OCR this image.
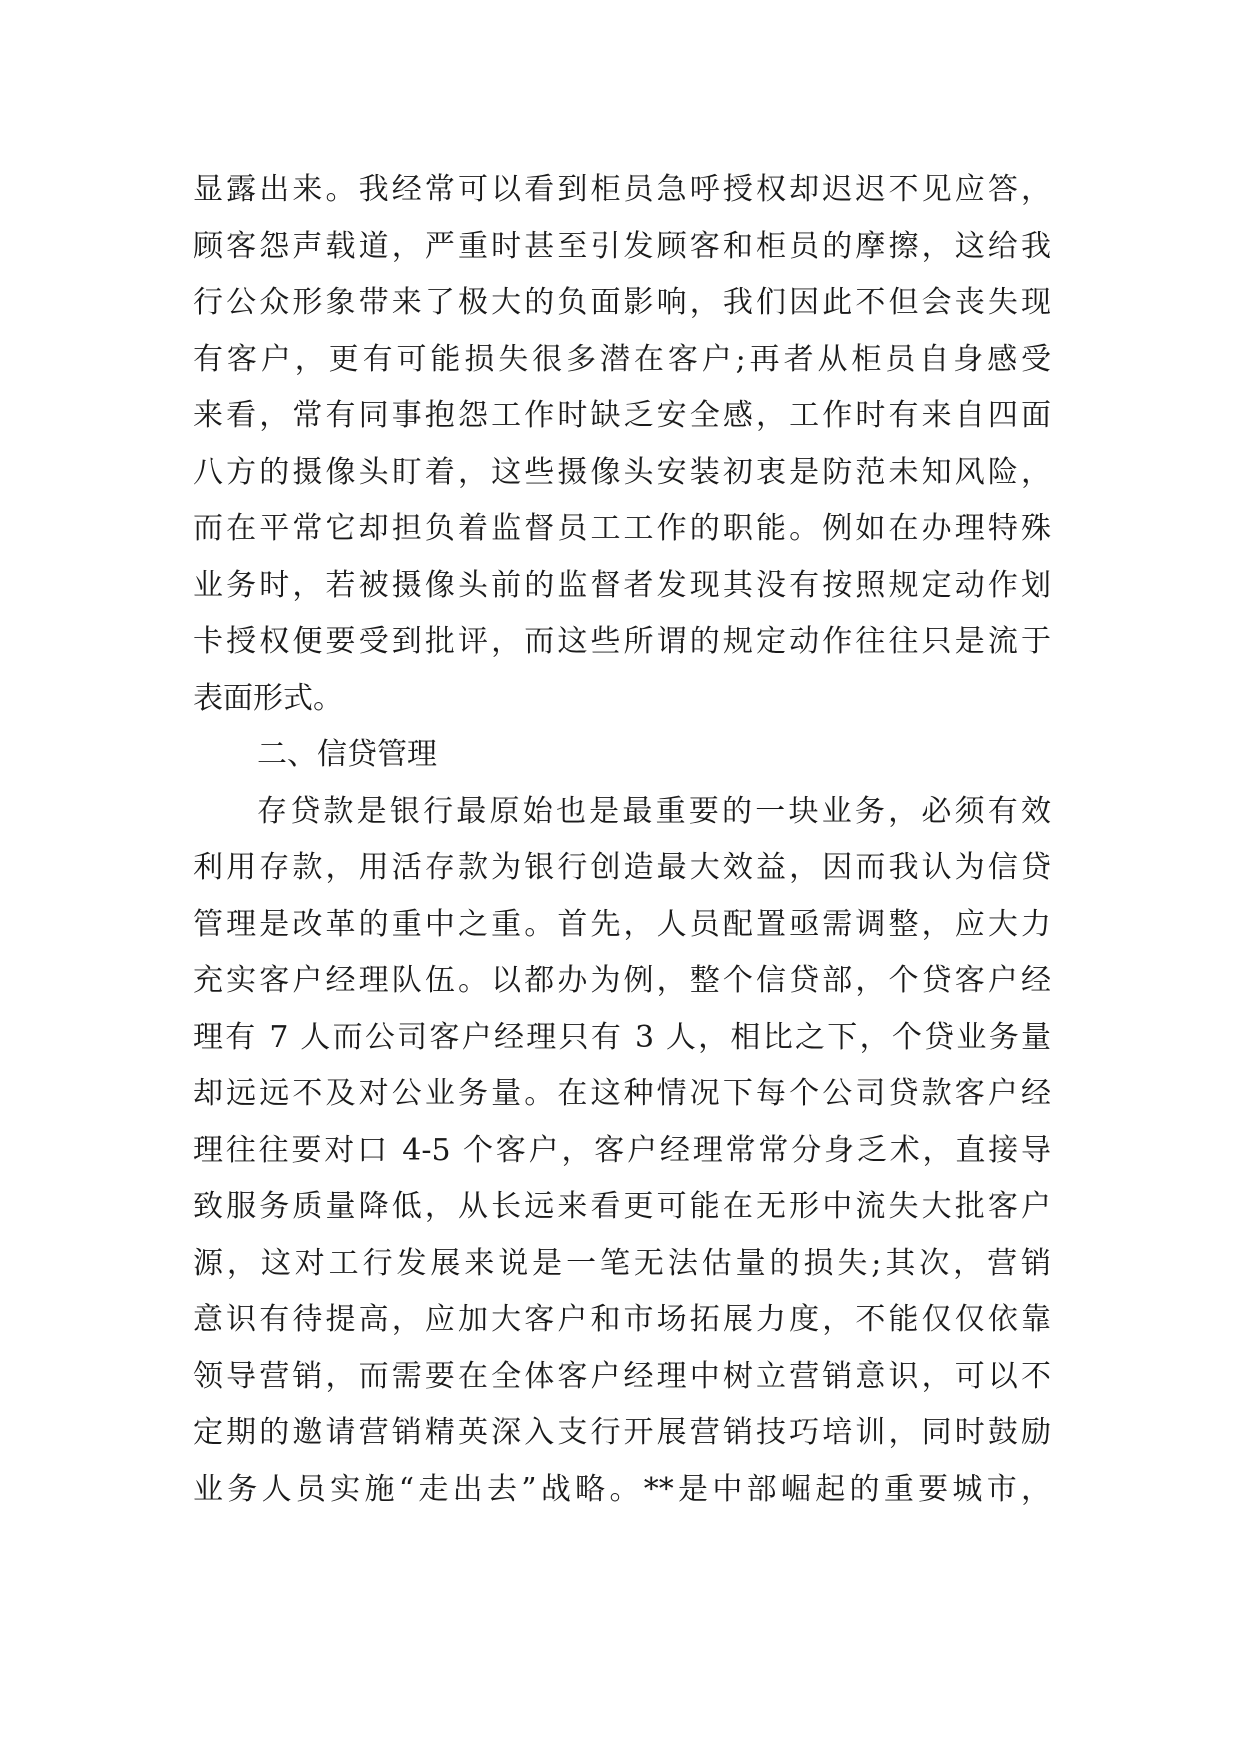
显露出来。我经常可以看到柜员急呼授权却迟迟不见应答，
顾客怨声载道，严重时甚至引发顾客和柜员的摩擦，这给我
行公众形象带来了极大的负面影响，我们因此不但会丧失现
有客户，更有可能损失很多潜在客户;再者从柜员自身感受
来看，常有同事抱怨工作时缺乏安全感，工作时有来自四面
八方的摄像头盯着，这些摄像头安装初衷是防范未知风险，
而在平常它却担负着监督员工工作的职能。例如在办理特殊
业务时，若被摄像头前的监督者发现其没有按照规定动作划
卡授权便要受到批评，而这些所谓的规定动作往往只是流于
表面形式。
二、信贷管理
存贷款是银行最原始也是最重要的一块业务，必须有效
利用存款，用活存款为银行创造最大效益，因而我认为信贷
管理是改革的重中之重。首先，人员配置亟需调整，应大力
充实客户经理队伍。以都办为例，整个信贷部，个贷客户经
理有 7 人而公司客户经理只有 3 人，相比之下，个贷业务量
却远远不及对公业务量。在这种情况下每个公司贷款客户经
理往往要对口 4-5 个客户，客户经理常常分身乏术，直接导
致服务质量降低，从长远来看更可能在无形中流失大批客户
源，这对工行发展来说是一笔无法估量的损失;其次，营销
意识有待提高，应加大客户和市场拓展力度，不能仅仅依靠
领导营销，而需要在全体客户经理中树立营销意识，可以不
定期的邀请营销精英深入支行开展营销技巧培训，同时鼓励
业务人员实施“走出去”战略。**是中部崛起的重要城市，
